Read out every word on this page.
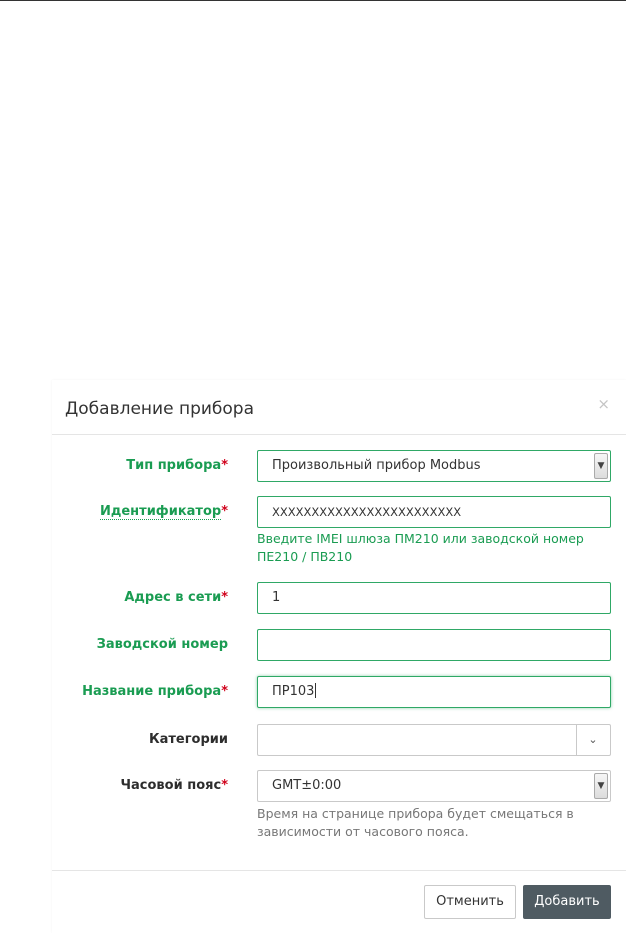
Добавление прибора	×
Тип прибора*	Произвольный прибор Modbus	▼
Идентификатор*	XXXXXXXXXXXXXXXXXXXXXXXX
Введите IMEI шлюза ПМ210 или заводской номер ПЕ210 / ПВ210
Адрес в сети*	1
Заводской номер
Название прибора*	ПР103
Категории	⌄
Часовой пояс*	GMT±0:00	▼
Время на странице прибора будет смещаться в зависимости от часового пояса.
Отменить	Добавить
